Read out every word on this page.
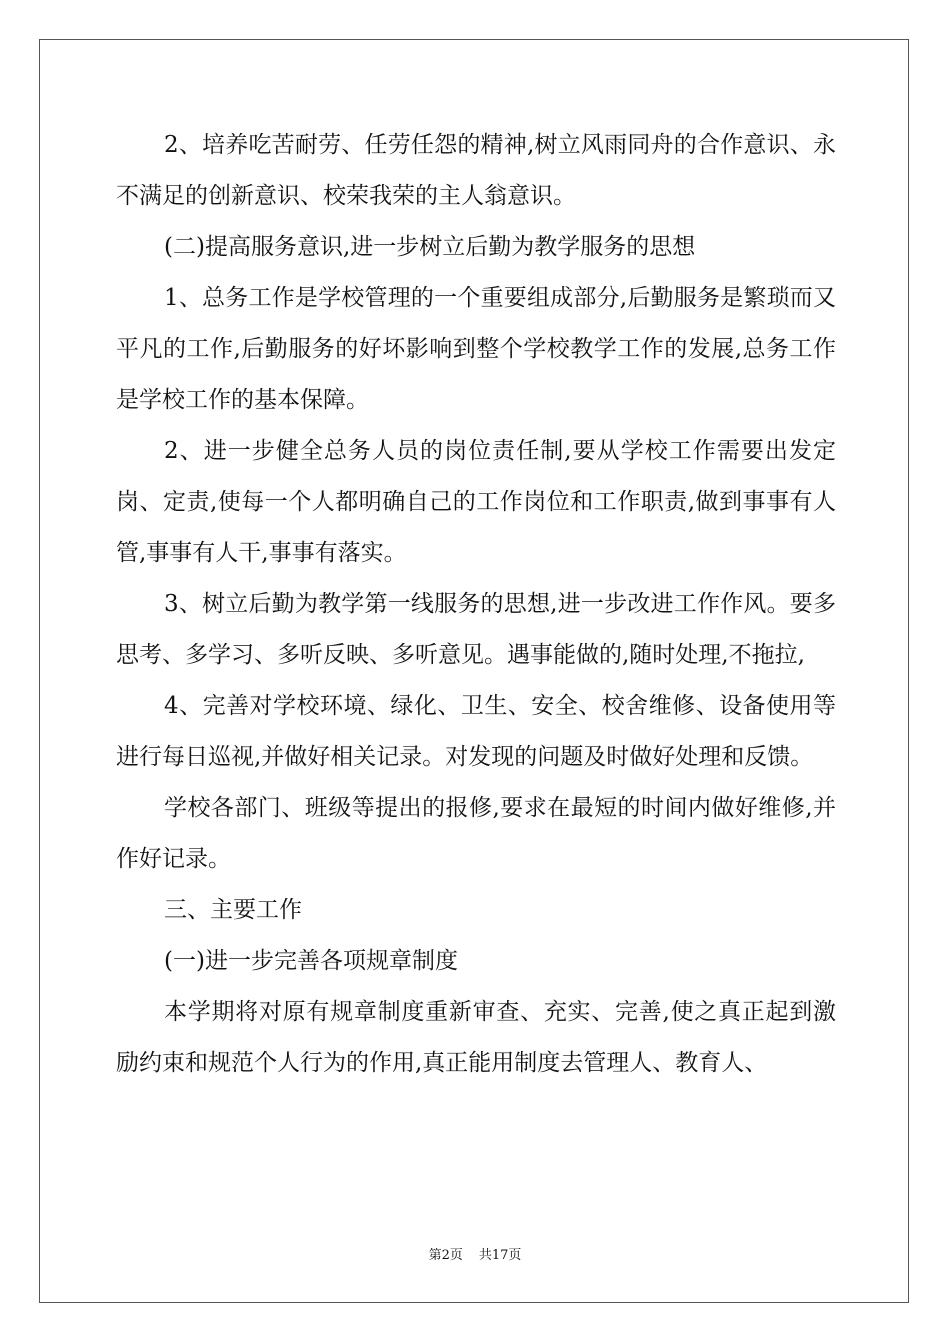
2、培养吃苦耐劳、任劳任怨的精神,树立风雨同舟的合作意识、永不满足的创新意识、校荣我荣的主人翁意识。

(二)提高服务意识,进一步树立后勤为教学服务的思想

1、总务工作是学校管理的一个重要组成部分,后勤服务是繁琐而又平凡的工作,后勤服务的好坏影响到整个学校教学工作的发展,总务工作是学校工作的基本保障。

2、进一步健全总务人员的岗位责任制,要从学校工作需要出发定岗、定责,使每一个人都明确自己的工作岗位和工作职责,做到事事有人管,事事有人干,事事有落实。

3、树立后勤为教学第一线服务的思想,进一步改进工作作风。要多思考、多学习、多听反映、多听意见。遇事能做的,随时处理,不拖拉,

4、完善对学校环境、绿化、卫生、安全、校舍维修、设备使用等进行每日巡视,并做好相关记录。对发现的问题及时做好处理和反馈。

学校各部门、班级等提出的报修,要求在最短的时间内做好维修,并作好记录。

三、主要工作

(一)进一步完善各项规章制度

本学期将对原有规章制度重新审查、充实、完善,使之真正起到激励约束和规范个人行为的作用,真正能用制度去管理人、教育人、

第2页 共17页
